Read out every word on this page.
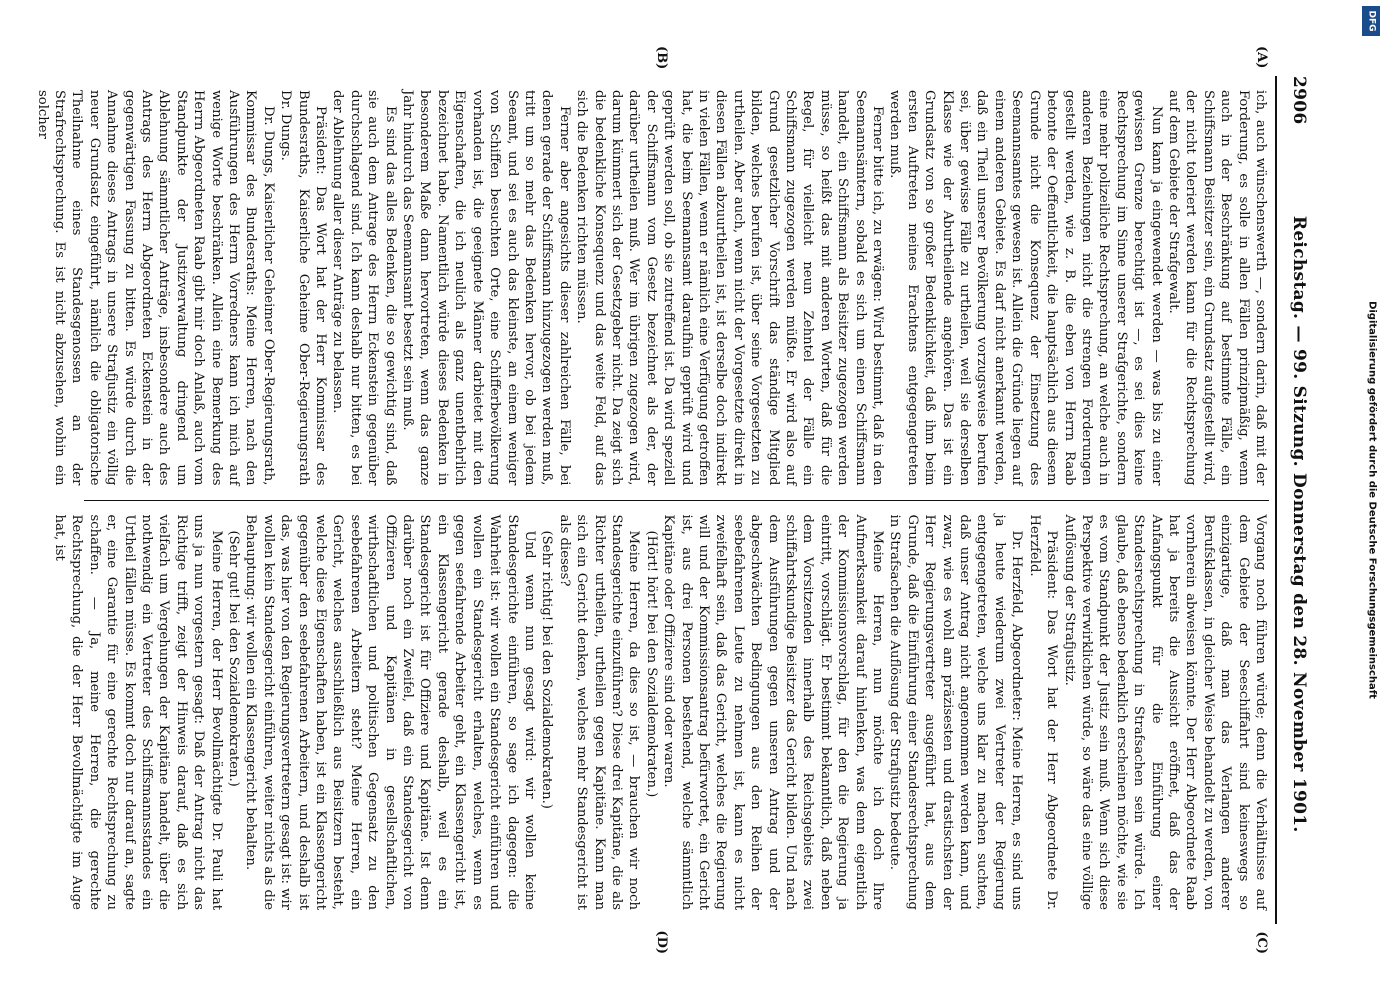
2906
Reichstag. — 99. Sitzung. Donnerstag den 28. November 1901.
(A)
(B)
(C)
(D)

ich, auch wünschenswerth —, sondern darin, daß mit der Forderung, es solle in allen Fällen prinzipmäßig, wenn auch in der Beschränkung auf bestimmte Fälle, ein Schiffsmann Beisitzer sein, ein Grundsatz aufgestellt wird, der nicht toleriert werden kann für die Rechtsprechung auf dem Gebiete der Strafgewalt.

Nun kann ja eingewendet werden — was bis zu einer gewissen Grenze berechtigt ist —, es sei dies keine Rechtsprechung im Sinne unserer Strafgerichte, sondern eine mehr polizeiliche Rechtsprechung, an welche auch in anderen Beziehungen nicht die strengen Forderungen gestellt werden, wie z. B. die eben von Herrn Raab betonte der Oeffentlichkeit, die hauptsächlich aus diesem Grunde nicht die Konsequenz der Einsetzung des Seemannsamtes gewesen ist. Allein die Gründe liegen auf einem anderen Gebiete. Es darf nicht anerkannt werden, daß ein Theil unserer Bevölkerung vorzugsweise berufen sei, über gewisse Fälle zu urtheilen, weil sie derselben Klasse wie der Aburtheilende angehören. Das ist ein Grundsatz von so großer Bedenklichkeit, daß ihm beim ersten Auftreten meines Erachtens entgegengetreten werden muß.

Ferner bitte ich, zu erwägen: Wird bestimmt, daß in den Seemannsämtern, sobald es sich um einen Schiffsmann handelt, ein Schiffsmann als Beisitzer zugezogen werden müsse, so heißt das mit anderen Worten, daß für die Regel, für vielleicht neun Zehntel der Fälle ein Schiffsmann zugezogen werden müßte. Er wird also auf Grund gesetzlicher Vorschrift das ständige Mitglied bilden, welches berufen ist, über seine Vorgesetzten zu urtheilen. Aber auch, wenn nicht der Vorgesetzte direkt in diesen Fällen abzuurtheilen ist, ist derselbe doch indirekt in vielen Fällen, wenn er nämlich eine Verfügung getroffen hat, die beim Seemannsamt daraufhin geprüft wird und geprüft werden soll, ob sie zutreffend ist. Da wird speziell der Schiffsmann vom Gesetz bezeichnet als der, der darüber urtheilen muß. Wer im übrigen zugezogen wird, darum kümmert sich der Gesetzgeber nicht. Da zeigt sich die bedenkliche Konsequenz und das weite Feld, auf das sich die Bedenken richten müssen.

Ferner aber angesichts dieser zahlreichen Fälle, bei denen gerade der Schiffsmann hinzugezogen werden muß, tritt um so mehr das Bedenken hervor, ob bei jedem Seeamt, und sei es auch das kleinste, an einem weniger von Schiffen besuchten Orte, eine Schifferbevölkerung vorhanden ist, die geeignete Männer darbietet mit den Eigenschaften, die ich neulich als ganz unentbehrlich bezeichnet habe. Namentlich würde dieses Bedenken in besonderem Maße dann hervortreten, wenn das ganze Jahr hindurch das Seemannsamt besetzt sein muß.

Es sind das alles Bedenken, die so gewichtig sind, daß sie auch dem Antrage des Herrn Eckenstein gegenüber durchschlagend sind. Ich kann deshalb nur bitten, es bei der Ablehnung aller dieser Anträge zu belassen.

Präsident: Das Wort hat der Herr Kommissar des Bundesraths, Kaiserliche Geheime Ober-Regierungsrath Dr. Dungs.

Dr. Dungs, Kaiserlicher Geheimer Ober-Regierungsrath, Kommissar des Bundesraths: Meine Herren, nach den Ausführungen des Herrn Vorredners kann ich mich auf wenige Worte beschränken. Allein eine Bemerkung des Herrn Abgeordneten Raab gibt mir doch Anlaß, auch vom Standpunkte der Justizverwaltung dringend um Ablehnung sämmtlicher Anträge, insbesondere auch des Antrags des Herrn Abgeordneten Eckenstein in der gegenwärtigen Fassung zu bitten. Es würde durch die Annahme dieses Antrags in unsere Strafjustiz ein völlig neuer Grundsatz eingeführt, nämlich die obligatorische Theilnahme eines Standesgenossen an der Strafrechtsprechung. Es ist nicht abzusehen, wohin ein solcher

Vorgang noch führen würde; denn die Verhältnisse auf dem Gebiete der Seeschiffahrt sind keineswegs so einzigartige, daß man das Verlangen anderer Berufsklassen, in gleicher Weise behandelt zu werden, von vornherein abweisen könnte. Der Herr Abgeordnete Raab hat ja bereits die Aussicht eröffnet, daß das der Anfangspunkt für die Einführung einer Standesrechtsprechung in Strafsachen sein würde. Ich glaube, daß ebenso bedenklich erscheinen möchte, wie sie es vom Standpunkt der Justiz sein muß. Wenn sich diese Perspektive verwirklichen würde, so wäre das eine völlige Auflösung der Strafjustiz.

Präsident: Das Wort hat der Herr Abgeordnete Dr. Herzfeld.

Dr. Herzfeld, Abgeordneter: Meine Herren, es sind uns ja heute wiederum zwei Vertreter der Regierung entgegengetreten, welche uns klar zu machen suchten, daß unser Antrag nicht angenommen werden kann, und zwar, wie es wohl am präzisesten und drastischsten der Herr Regierungsvertreter ausgeführt hat, aus dem Grunde, daß die Einführung einer Standesrechtsprechung in Strafsachen die Auflösung der Strafjustiz bedeute.

Meine Herren, nun möchte ich doch Ihre Aufmerksamkeit darauf hinlenken, was denn eigentlich der Kommissionsvorschlag, für den die Regierung ja eintritt, vorschlägt. Er bestimmt bekanntlich, daß neben dem Vorsitzenden innerhalb des Reichsgebiets zwei schiffahrtskundige Beisitzer das Gericht bilden. Und nach dem Ausführungen gegen unseren Antrag und der abgeschwächten Bedingungen aus den Reihen der seebefahrenen Leute zu nehmen ist, kann es nicht zweifelhaft sein, daß das Gericht, welches die Regierung will und der Kommissionsantrag befürwortet, ein Gericht ist, aus drei Personen bestehend, welche sämmtlich Kapitäne oder Offiziere sind oder waren.

(Hört! hört! bei den Sozialdemokraten.)

Meine Herren, da dies so ist, — brauchen wir noch Standesgerichte einzuführen? Diese drei Kapitäne, die als Richter urtheilen, urtheilen gegen Kapitäne. Kann man sich ein Gericht denken, welches mehr Standesgericht ist als dieses?

(Sehr richtig! bei den Sozialdemokraten.)

Und wenn nun gesagt wird: wir wollen keine Standesgerichte einführen, so sage ich dagegen: die Wahrheit ist: wir wollen ein Standesgericht einführen und wollen ein Standesgericht erhalten, welches, wenn es gegen seefahrende Arbeiter geht, ein Klassengericht ist, ein Klassengericht gerade deshalb, weil es ein Standesgericht ist für Offiziere und Kapitäne. Ist denn darüber noch ein Zweifel, daß ein Standesgericht von Offizieren und Kapitänen in gesellschaftlichen, wirthschaftlichen und politischen Gegensatz zu den seebefahrenen Arbeitern steht? Meine Herren, ein Gericht, welches ausschließlich aus Beisitzern besteht, welche diese Eigenschaften haben, ist ein Klassengericht gegenüber den seebefahrenen Arbeitern, und deshalb ist das, was hier von den Regierungsvertretern gesagt ist: wir wollen kein Standesgericht einführen, weiter nichts als die Behauptung: wir wollen ein Klassengericht behalten.

(Sehr gut! bei den Sozialdemokraten.)

Meine Herren, der Herr Bevollmächtigte Dr. Pauli hat uns ja nun vorgestern gesagt: Daß der Antrag nicht das Richtige trifft, zeigt der Hinweis darauf, daß es sich vielfach um Vergehungen der Kapitäne handelt, über die nothwendig ein Vertreter des Schiffsmannsstandes ein Urtheil fällen müsse. Es kommt doch nur darauf an, sagte er, eine Garantie für eine gerechte Rechtsprechung zu schaffen. — Ja, meine Herren, die gerechte Rechtsprechung, die der Herr Bevollmächtigte im Auge hat, ist	Digitalisierung gefördert durch die Deutsche Forschungsgemeinschaft
DFG
